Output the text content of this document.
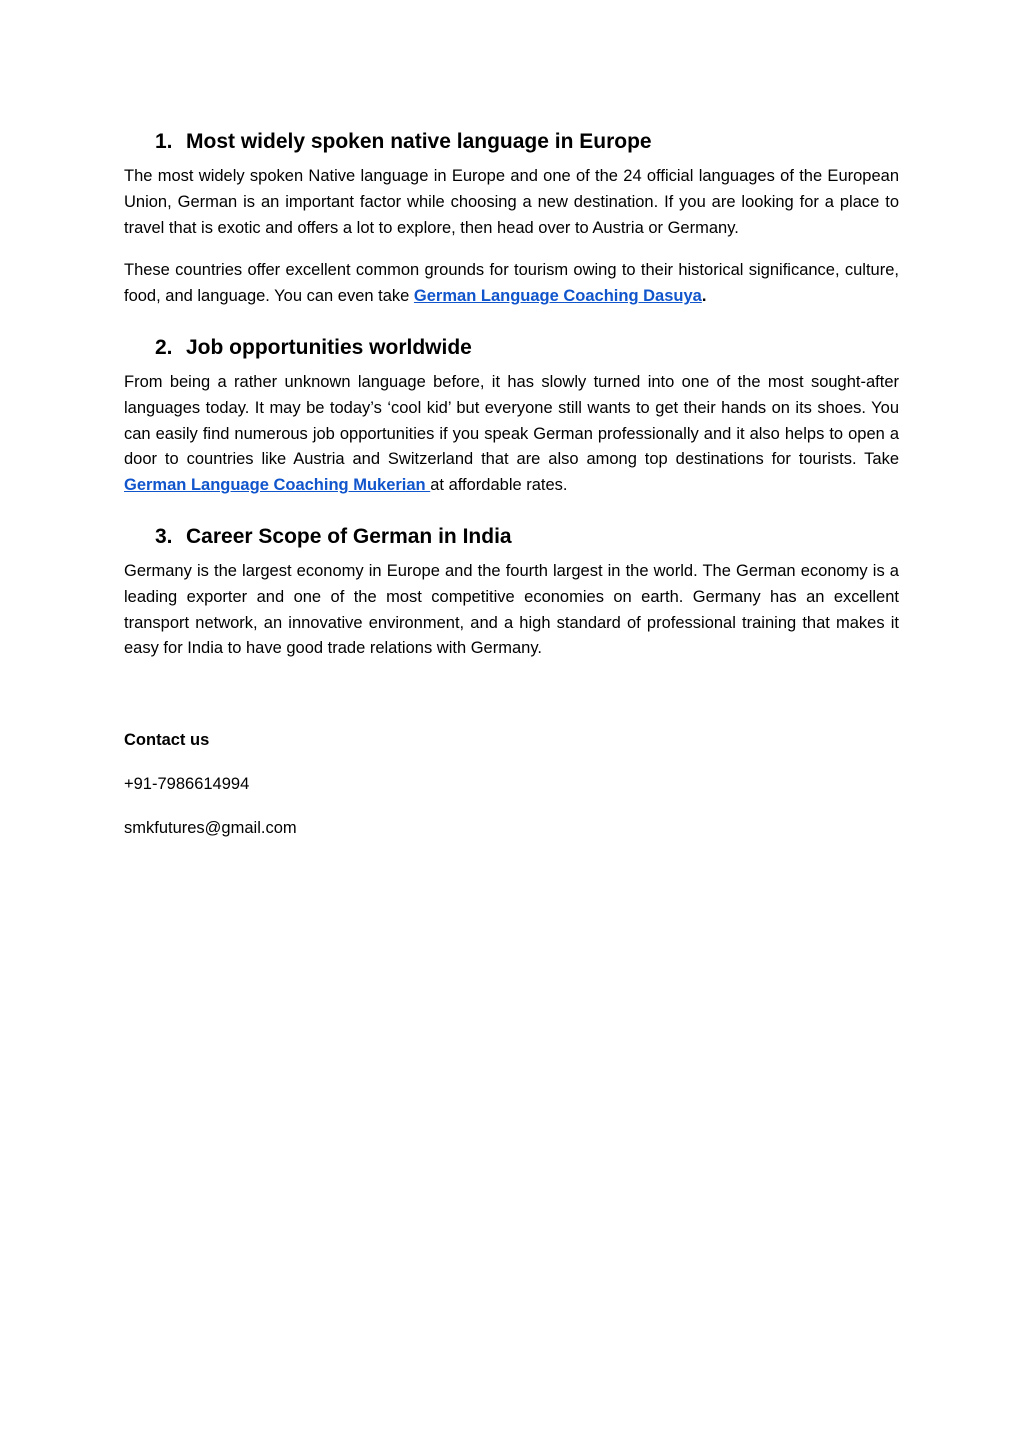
1. Most widely spoken native language in Europe

The most widely spoken Native language in Europe and one of the 24 official languages of the European Union, German is an important factor while choosing a new destination. If you are looking for a place to travel that is exotic and offers a lot to explore, then head over to Austria or Germany.

These countries offer excellent common grounds for tourism owing to their historical significance, culture, food, and language. You can even take German Language Coaching Dasuya.

2. Job opportunities worldwide

From being a rather unknown language before, it has slowly turned into one of the most sought-after languages today. It may be today’s ‘cool kid’ but everyone still wants to get their hands on its shoes. You can easily find numerous job opportunities if you speak German professionally and it also helps to open a door to countries like Austria and Switzerland that are also among top destinations for tourists. Take German Language Coaching Mukerian at affordable rates.

3. Career Scope of German in India

Germany is the largest economy in Europe and the fourth largest in the world. The German economy is a leading exporter and one of the most competitive economies on earth. Germany has an excellent transport network, an innovative environment, and a high standard of professional training that makes it easy for India to have good trade relations with Germany.

Contact us

+91-7986614994

smkfutures@gmail.com
